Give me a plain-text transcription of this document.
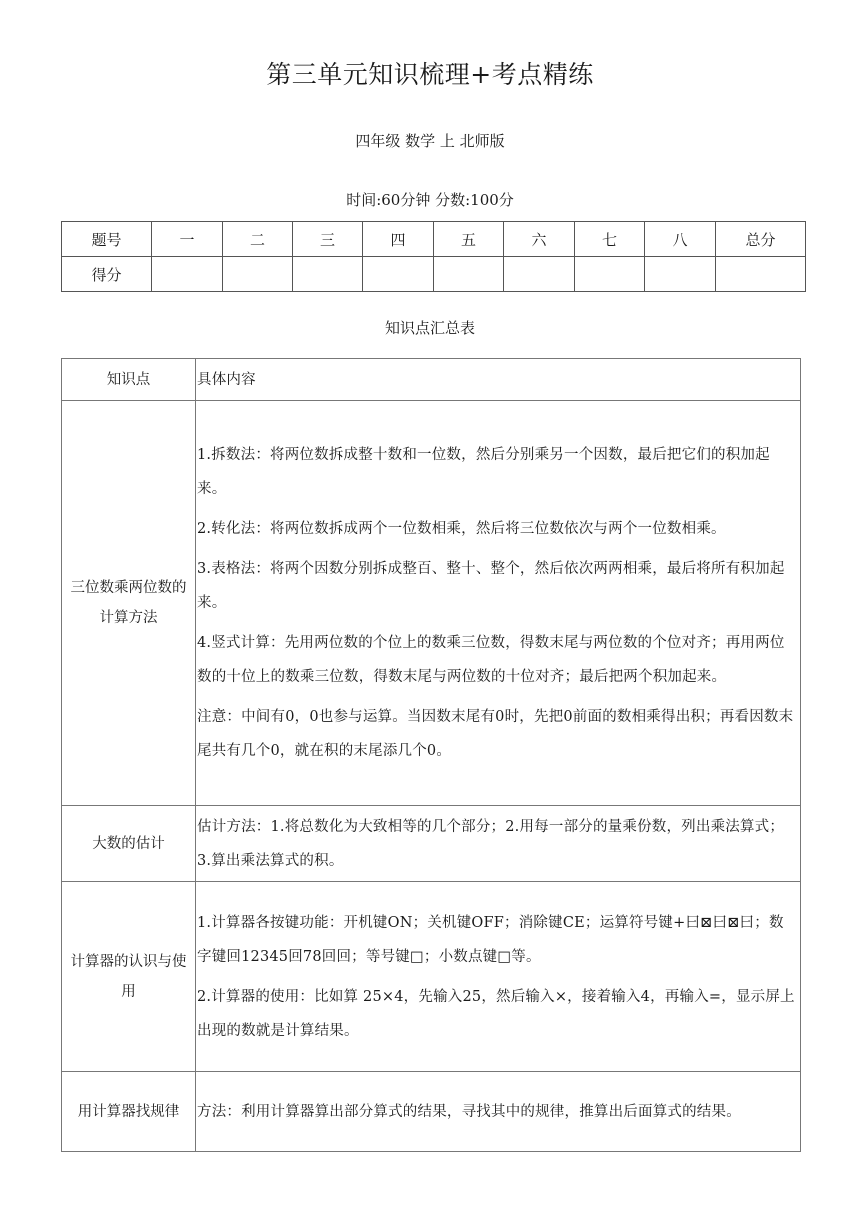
第三单元知识梳理+考点精练
四年级 数学 上 北师版
时间:60分钟 分数:100分
题号	一	二	三	四	五	六	七	八	总分
得分									
知识点汇总表
知识点	具体内容
三位数乘两位数的计算方法	1.拆数法：将两位数拆成整十数和一位数，然后分别乘另一个因数，最后把它们的积加起来。

2.转化法：将两位数拆成两个一位数相乘，然后将三位数依次与两个一位数相乘。

3.表格法：将两个因数分别拆成整百、整十、整个，然后依次两两相乘，最后将所有积加起来。

4.竖式计算：先用两位数的个位上的数乘三位数，得数末尾与两位数的个位对齐；再用两位数的十位上的数乘三位数，得数末尾与两位数的十位对齐；最后把两个积加起来。

注意：中间有0，0也参与运算。当因数末尾有0时，先把0前面的数相乘得出积；再看因数末尾共有几个0，就在积的末尾添几个0。

大数的估计	估计方法：1.将总数化为大致相等的几个部分；2.用每一部分的量乘份数，列出乘法算式；3.算出乘法算式的积。

计算器的认识与使用	1.计算器各按键功能：开机键ON；关机键OFF；消除键CE；运算符号键+曰⊠曰⊠曰；数字键回12345回78回回；等号键□；小数点键□等。

2.计算器的使用：比如算 25×4，先输入25，然后输入×，接着输入4，再输入=，显示屏上出现的数就是计算结果。

用计算器找规律	方法：利用计算器算出部分算式的结果，寻找其中的规律，推算出后面算式的结果。
